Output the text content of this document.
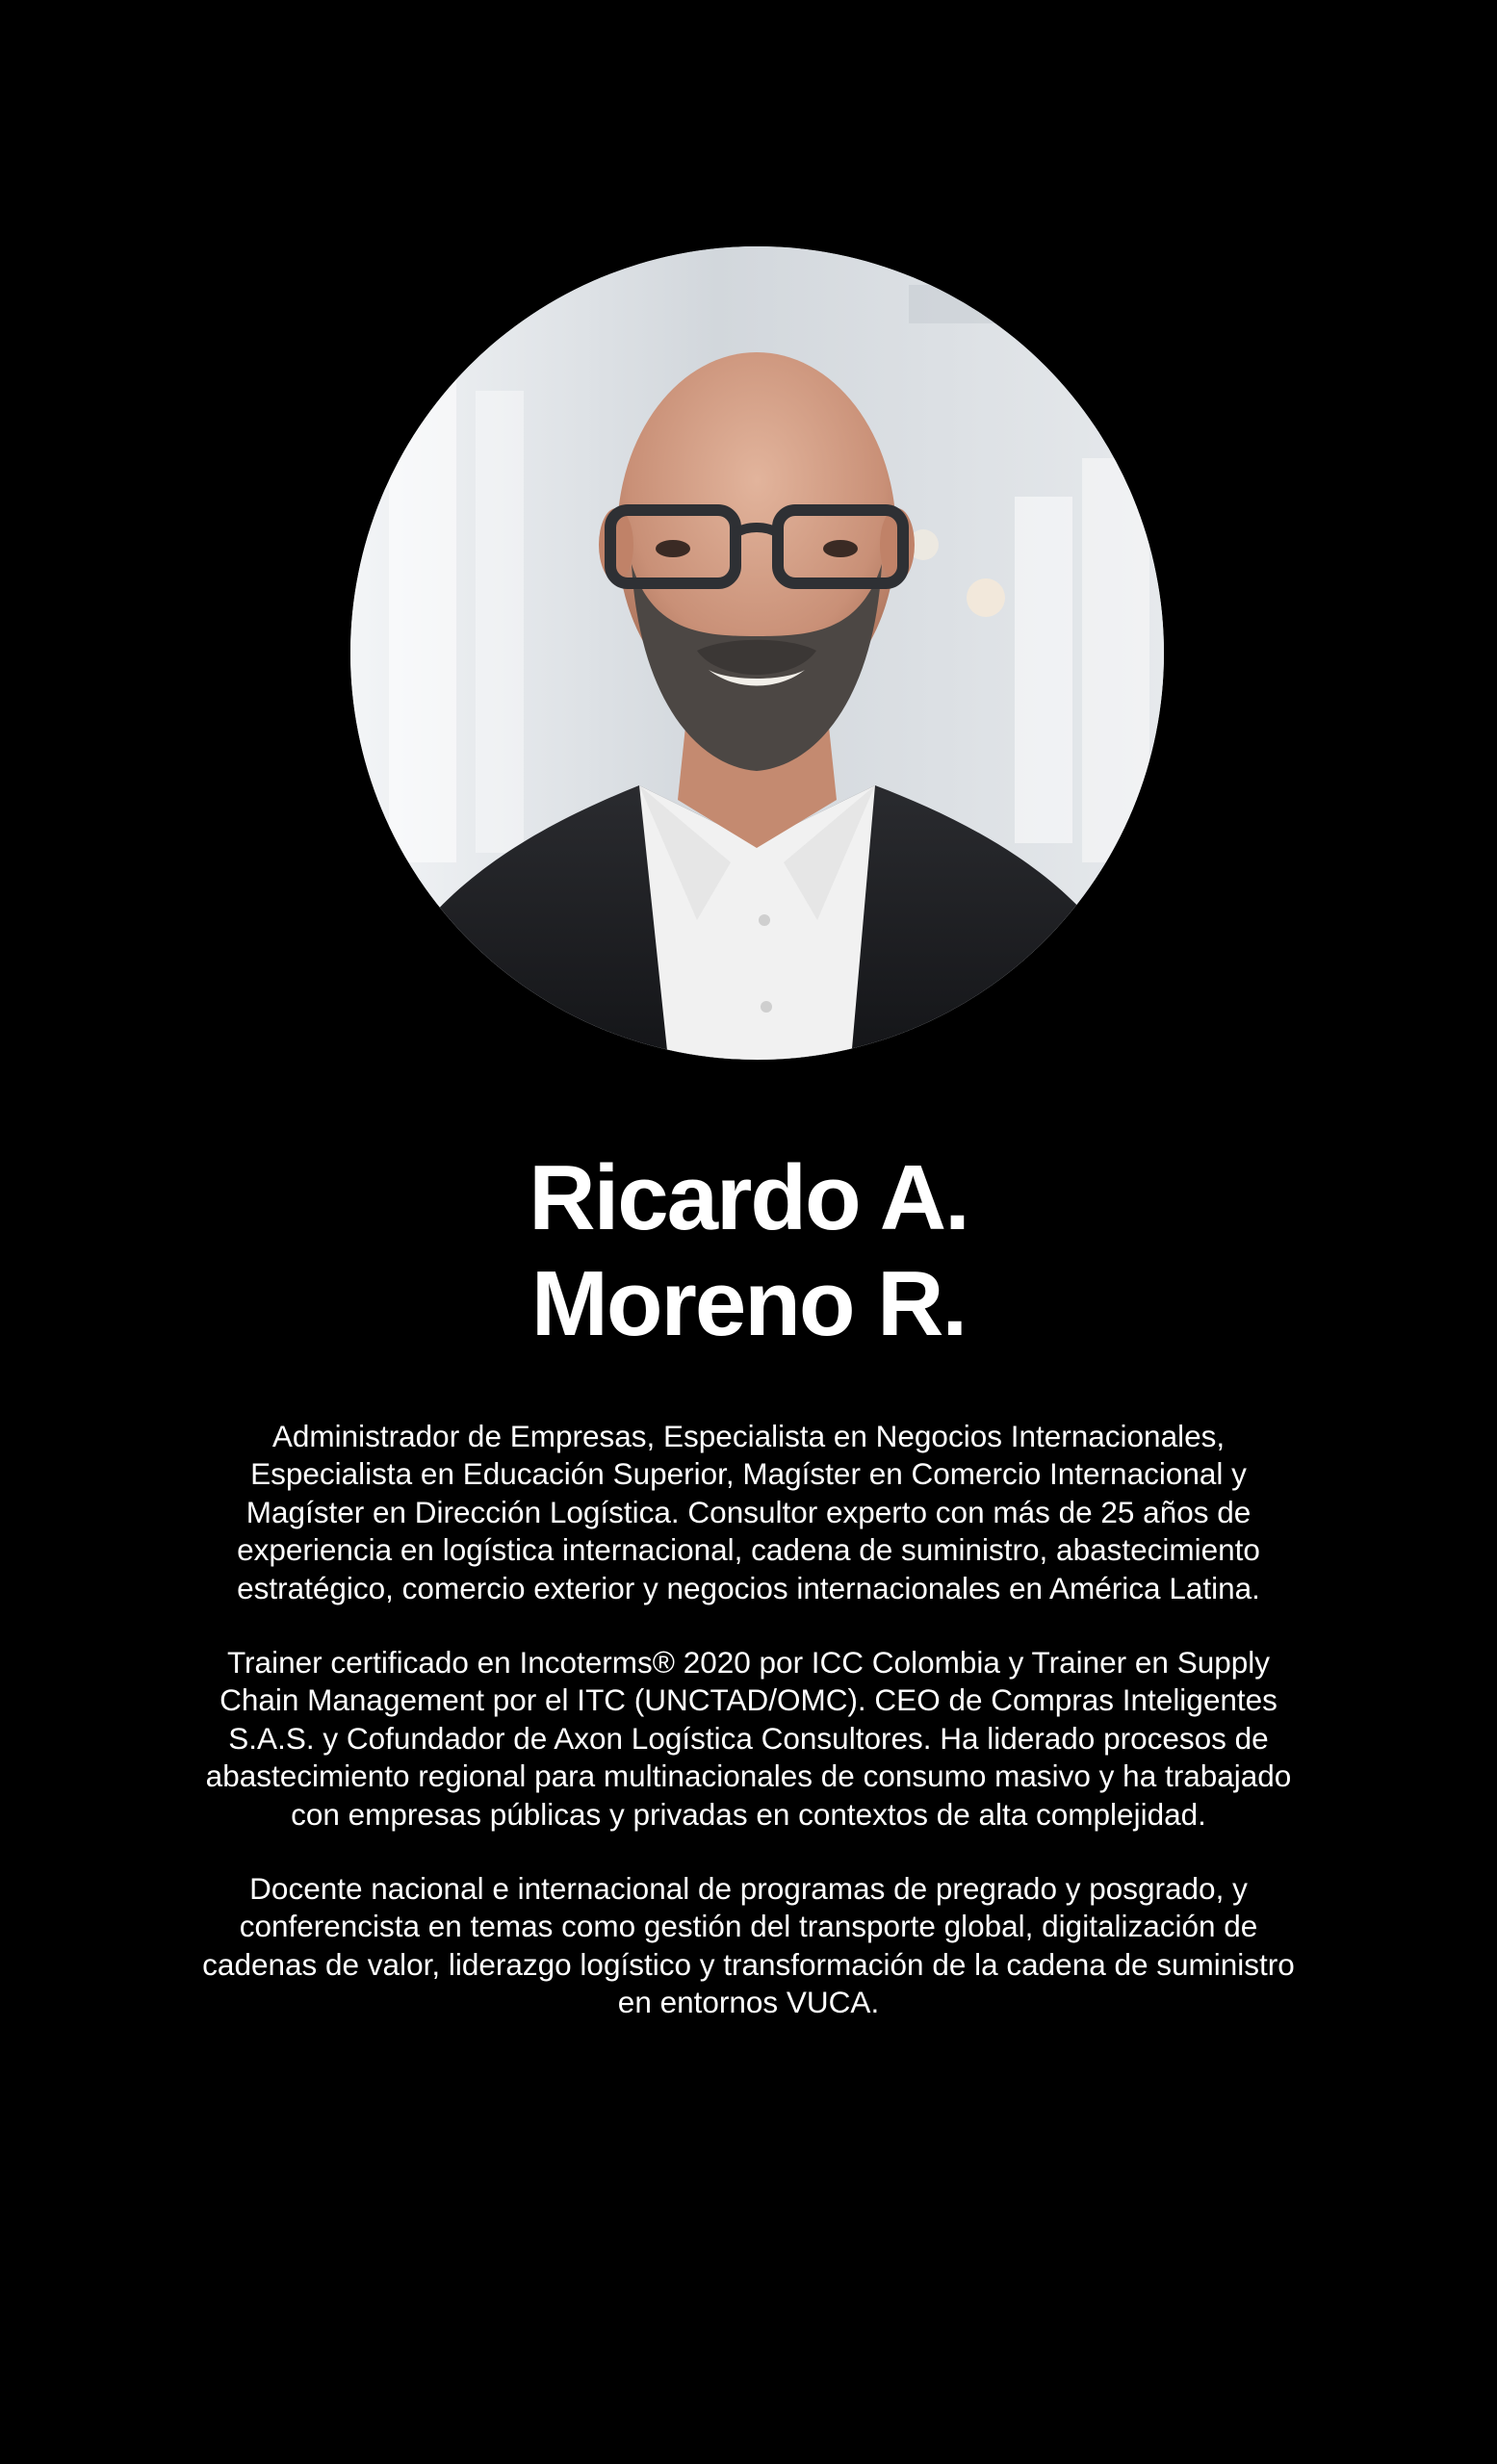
Ricardo A.
Moreno R.

Administrador de Empresas, Especialista en Negocios Internacionales, Especialista en Educación Superior, Magíster en Comercio Internacional y Magíster en Dirección Logística. Consultor experto con más de 25 años de experiencia en logística internacional, cadena de suministro, abastecimiento estratégico, comercio exterior y negocios internacionales en América Latina.

Trainer certificado en Incoterms® 2020 por ICC Colombia y Trainer en Supply Chain Management por el ITC (UNCTAD/OMC). CEO de Compras Inteligentes S.A.S. y Cofundador de Axon Logística Consultores. Ha liderado procesos de abastecimiento regional para multinacionales de consumo masivo y ha trabajado con empresas públicas y privadas en contextos de alta complejidad.

Docente nacional e internacional de programas de pregrado y posgrado, y conferencista en temas como gestión del transporte global, digitalización de cadenas de valor, liderazgo logístico y transformación de la cadena de suministro en entornos VUCA.
